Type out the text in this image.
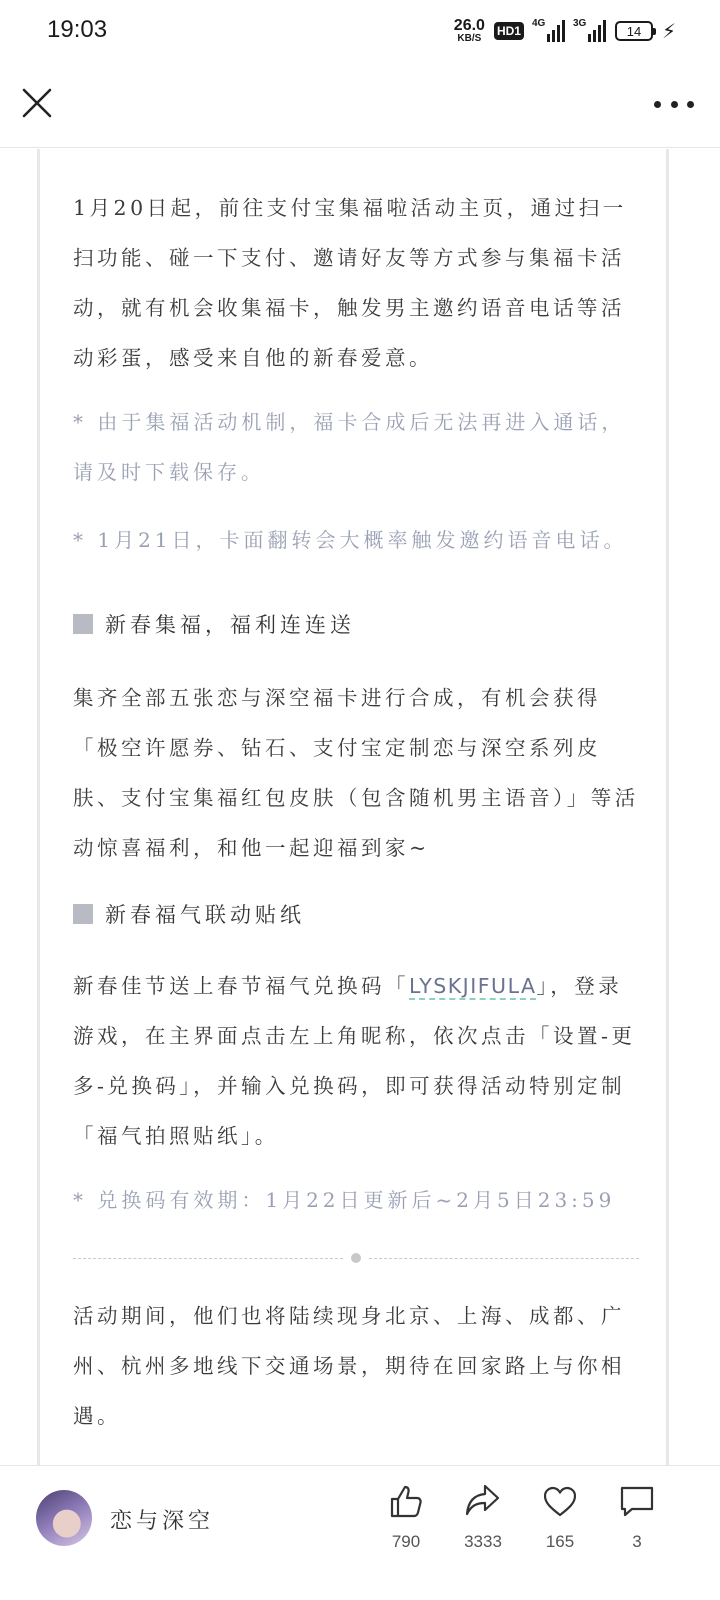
19:03	26.0
KB/S
HD1
4G	3G	14 ⚡

1月20日起，前往支付宝集福啦活动主页，通过扫一扫功能、碰一下支付、邀请好友等方式参与集福卡活动，就有机会收集福卡，触发男主邀约语音电话等活动彩蛋，感受来自他的新春爱意。

* 由于集福活动机制，福卡合成后无法再进入通话，请及时下载保存。

* 1月21日，卡面翻转会大概率触发邀约语音电话。

新春集福，福利连连送

集齐全部五张恋与深空福卡进行合成，有机会获得「极空许愿券、钻石、支付宝定制恋与深空系列皮肤、支付宝集福红包皮肤（包含随机男主语音）」等活动惊喜福利，和他一起迎福到家~

新春福气联动贴纸

新春佳节送上春节福气兑换码「LYSKJIFULA」，登录游戏，在主界面点击左上角昵称，依次点击「设置-更多-兑换码」，并输入兑换码，即可获得活动特别定制「福气拍照贴纸」。

* 兑换码有效期：1月22日更新后~2月5日23:59

活动期间，他们也将陆续现身北京、上海、成都、广州、杭州多地线下交通场景，期待在回家路上与你相遇。

恋与深空
790	3333	165	3
